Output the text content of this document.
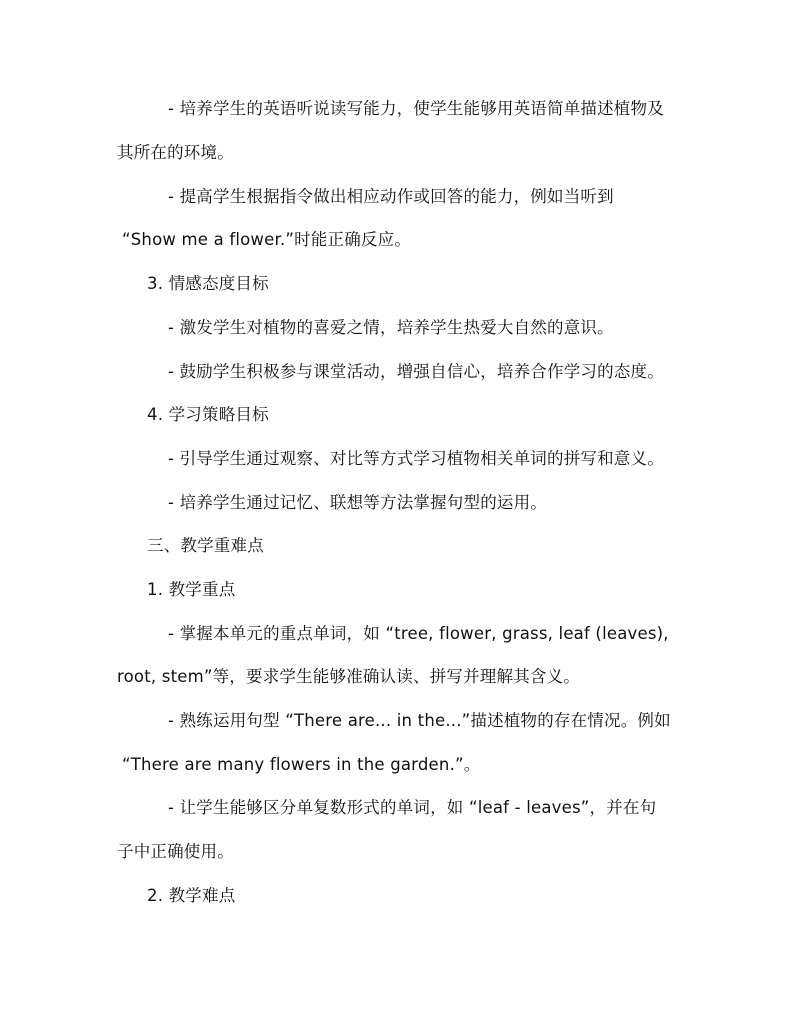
- 培养学生的英语听说读写能力，使学生能够用英语简单描述植物及
其所在的环境。
- 提高学生根据指令做出相应动作或回答的能力，例如当听到
“Show me a flower.”时能正确反应。
3. 情感态度目标
- 激发学生对植物的喜爱之情，培养学生热爱大自然的意识。
- 鼓励学生积极参与课堂活动，增强自信心，培养合作学习的态度。
4. 学习策略目标
- 引导学生通过观察、对比等方式学习植物相关单词的拼写和意义。
- 培养学生通过记忆、联想等方法掌握句型的运用。
三、教学重难点
1. 教学重点
- 掌握本单元的重点单词，如 “tree, flower, grass, leaf (leaves),
root, stem”等，要求学生能够准确认读、拼写并理解其含义。
- 熟练运用句型 “There are... in the...”描述植物的存在情况。例如
“There are many flowers in the garden.”。
- 让学生能够区分单复数形式的单词，如 “leaf - leaves”，并在句
子中正确使用。
2. 教学难点
